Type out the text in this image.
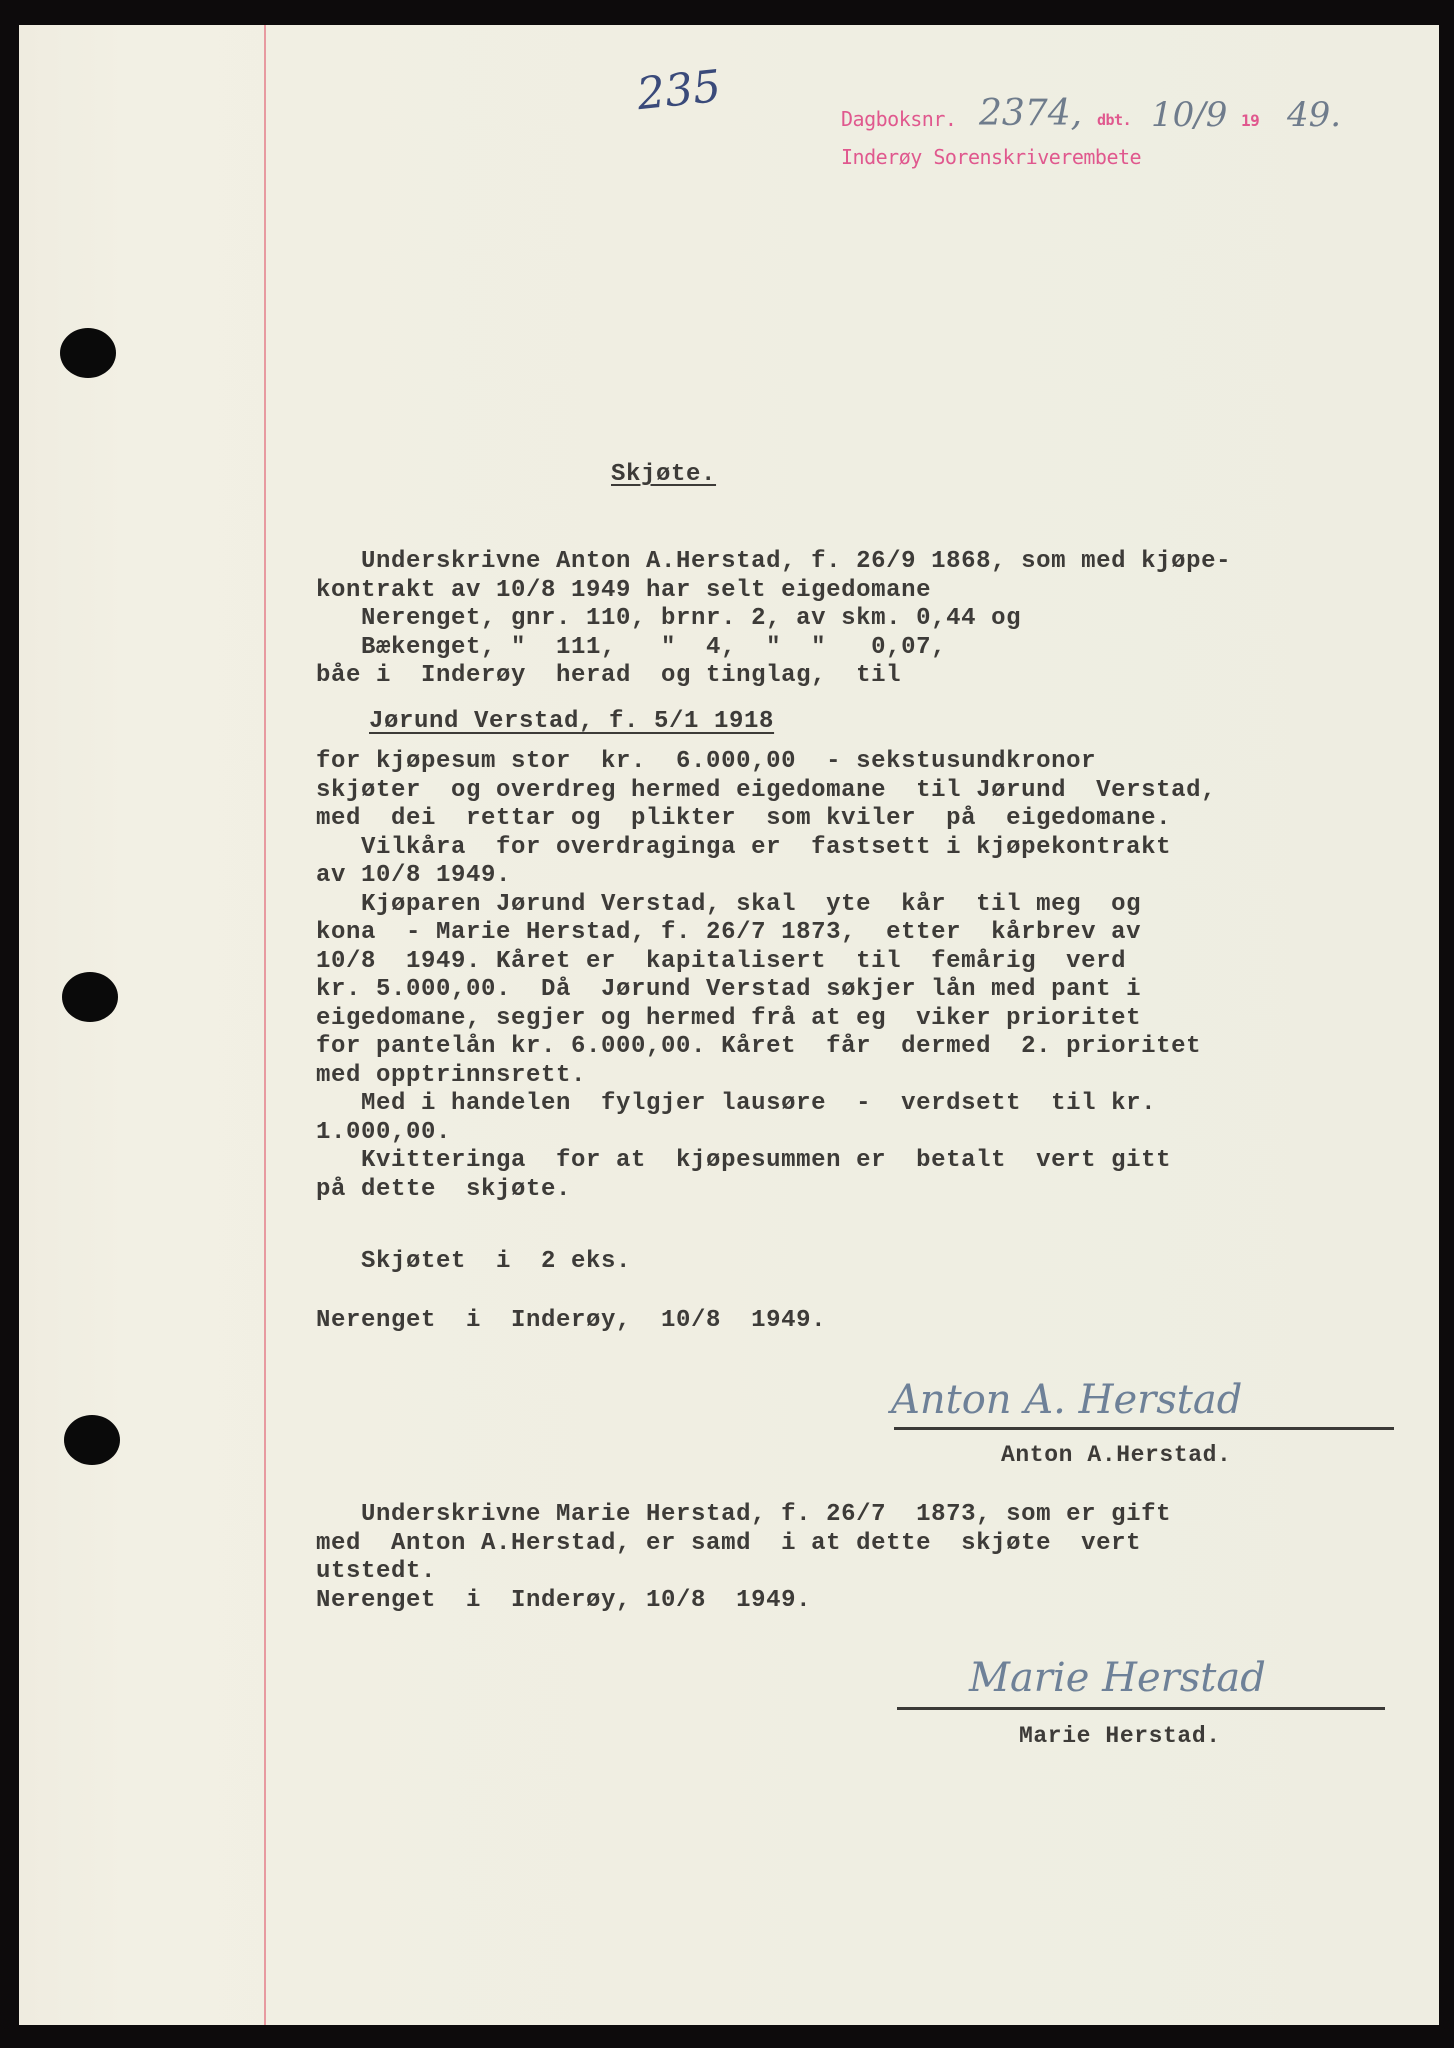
235	Dagboksnr. 2374, dbt. 10/9 19 49.
Inderøy Sorenskriverembete
Skjøte.
Underskrivne Anton A.Herstad, f. 26/9 1868, som med kjøpe-
kontrakt av 10/8 1949 har selt eigedomane
Nerenget, gnr. 110, brnr. 2, av skm. 0,44 og
Bækenget, "  111,   "  4,  "  "   0,07,
båe i  Inderøy  herad  og tinglag,  til
Jørund Verstad, f. 5/1 1918
for kjøpesum stor  kr.  6.000,00  - sekstusundkronor
skjøter  og overdreg hermed eigedomane  til Jørund  Verstad,
med  dei  rettar og  plikter  som kviler  på  eigedomane.
Vilkåra  for overdraginga er  fastsett i kjøpekontrakt
av 10/8 1949.
Kjøparen Jørund Verstad, skal  yte  kår  til meg  og
kona  - Marie Herstad, f. 26/7 1873,  etter  kårbrev av
10/8  1949. Kåret er  kapitalisert  til  femårig  verd
kr. 5.000,00.  Då  Jørund Verstad søkjer lån med pant i
eigedomane, segjer og hermed frå at eg  viker prioritet
for pantelån kr. 6.000,00. Kåret  får  dermed  2. prioritet
med opptrinnsrett.
Med i handelen  fylgjer lausøre  -  verdsett  til kr.
1.000,00.
Kvitteringa  for at  kjøpesummen er  betalt  vert gitt
på dette  skjøte.
Skjøtet  i  2 eks.
Nerenget  i  Inderøy,  10/8  1949.
Anton A. Herstad
Anton A.Herstad.
Underskrivne Marie Herstad, f. 26/7  1873, som er gift
med  Anton A.Herstad, er samd  i at dette  skjøte  vert
utstedt.
Nerenget  i  Inderøy, 10/8  1949.
Marie Herstad
Marie Herstad.
